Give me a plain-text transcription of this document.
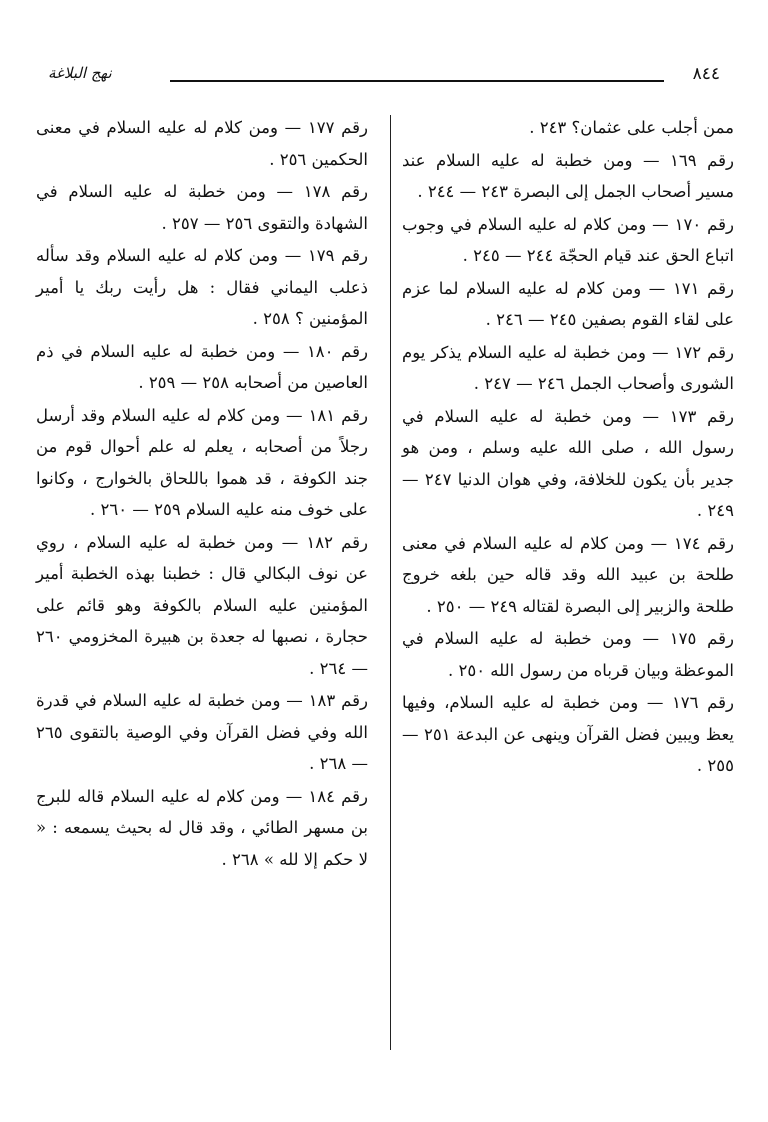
٨٤٤
نهج البلاغة

ممن أجلب على عثمان؟ ٢٤٣ .

رقم ١٦٩ — ومن خطبة له عليه السلام عند مسير أصحاب الجمل إلى البصرة ٢٤٣ — ٢٤٤ .

رقم ١٧٠ — ومن كلام له عليه السلام في وجوب اتباع الحق عند قيام الحجّة ٢٤٤ — ٢٤٥ .

رقم ١٧١ — ومن كلام له عليه السلام لما عزم على لقاء القوم بصفين ٢٤٥ — ٢٤٦ .

رقم ١٧٢ — ومن خطبة له عليه السلام يذكر يوم الشورى وأصحاب الجمل ٢٤٦ — ٢٤٧ .

رقم ١٧٣ — ومن خطبة له عليه السلام في رسول الله ، صلى الله عليه وسلم ، ومن هو جدير بأن يكون للخلافة، وفي هوان الدنيا ٢٤٧ — ٢٤٩ .

رقم ١٧٤ — ومن كلام له عليه السلام في معنى طلحة بن عبيد الله وقد قاله حين بلغه خروج طلحة والزبير إلى البصرة لقتاله ٢٤٩ — ٢٥٠ .

رقم ١٧٥ — ومن خطبة له عليه السلام في الموعظة وبيان قرباه من رسول الله ٢٥٠ .

رقم ١٧٦ — ومن خطبة له عليه السلام، وفيها يعظ ويبين فضل القرآن وينهى عن البدعة ٢٥١ — ٢٥٥ .

رقم ١٧٧ — ومن كلام له عليه السلام في معنى الحكمين ٢٥٦ .

رقم ١٧٨ — ومن خطبة له عليه السلام في الشهادة والتقوى ٢٥٦ — ٢٥٧ .

رقم ١٧٩ — ومن كلام له عليه السلام وقد سأله ذعلب اليماني فقال : هل رأيت ربك يا أمير المؤمنين ؟ ٢٥٨ .

رقم ١٨٠ — ومن خطبة له عليه السلام في ذم العاصين من أصحابه ٢٥٨ — ٢٥٩ .

رقم ١٨١ — ومن كلام له عليه السلام وقد أرسل رجلاً من أصحابه ، يعلم له علم أحوال قوم من جند الكوفة ، قد هموا باللحاق بالخوارج ، وكانوا على خوف منه عليه السلام ٢٥٩ — ٢٦٠ .

رقم ١٨٢ — ومن خطبة له عليه السلام ، روي عن نوف البكالي قال : خطبنا بهذه الخطبة أمير المؤمنين عليه السلام بالكوفة وهو قائم على حجارة ، نصبها له جعدة بن هبيرة المخزومي ٢٦٠ — ٢٦٤ .

رقم ١٨٣ — ومن خطبة له عليه السلام في قدرة الله وفي فضل القرآن وفي الوصية بالتقوى ٢٦٥ — ٢٦٨ .

رقم ١٨٤ — ومن كلام له عليه السلام قاله للبرج بن مسهر الطائي ، وقد قال له بحيث يسمعه : « لا حكم إلا لله » ٢٦٨ .
